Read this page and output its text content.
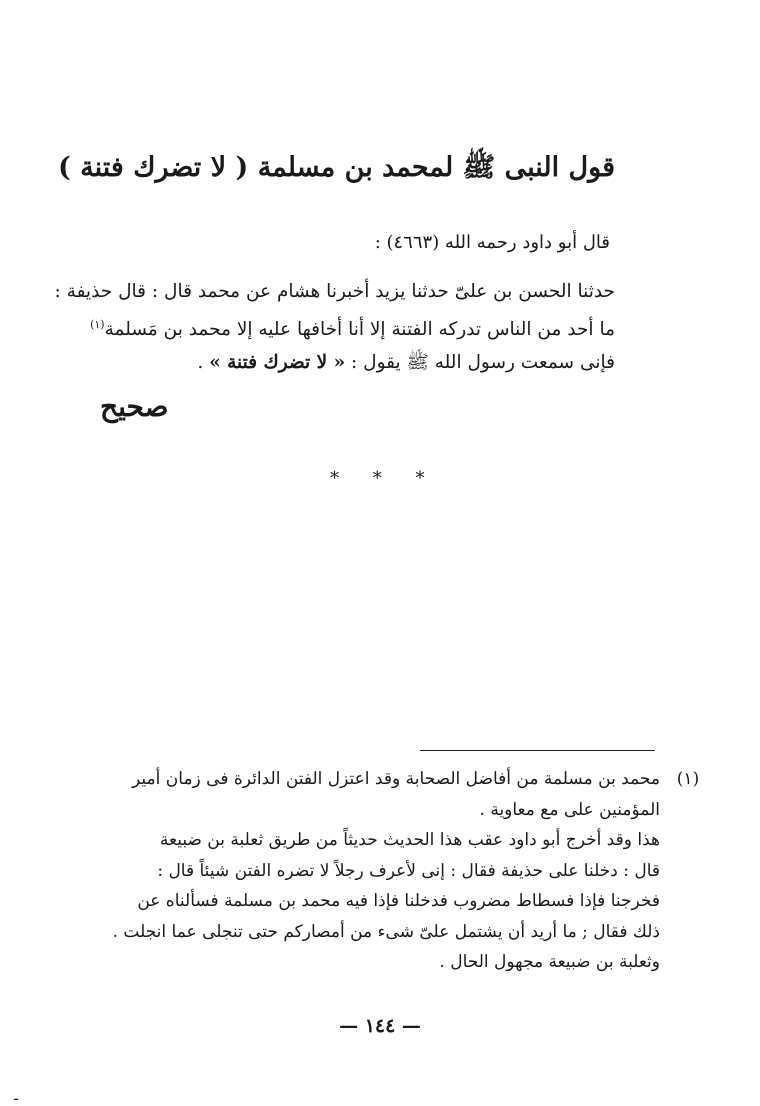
قول النبى ﷺ لمحمد بن مسلمة ( لا تضرك فتنة )
قال أبو داود رحمه الله (٤٦٦٣) :
حدثنا الحسن بن علىّ حدثنا يزيد أخبرنا هشام عن محمد قال : قال حذيفة :
ما أحد من الناس تدركه الفتنة إلا أنا أخافها عليه إلا محمد بن مَسلمة$^{(١)}$
فإنى سمعت رسول الله ﷺ يقول : « لا تضرك فتنة » .
صحيح
* * *
(١)
محمد بن مسلمة من أفاضل الصحابة وقد اعتزل الفتن الدائرة فى زمان أمير
المؤمنين على مع معاوية .
هذا وقد أخرج أبو داود عقب هذا الحديث حديثاً من طريق ثعلبة بن ضبيعة
قال : دخلنا على حذيفة فقال : إنى لأعرف رجلاً لا تضره الفتن شيئاً قال :
فخرجنا فإذا فسطاط مضروب فدخلنا فإذا فيه محمد بن مسلمة فسألناه عن
ذلك فقال ; ما أريد أن يشتمل علىّ شىء من أمصاركم حتى تنجلى عما انجلت .
وثعلبة بن ضبيعة مجهول الحال .
— ١٤٤ —
ـ
